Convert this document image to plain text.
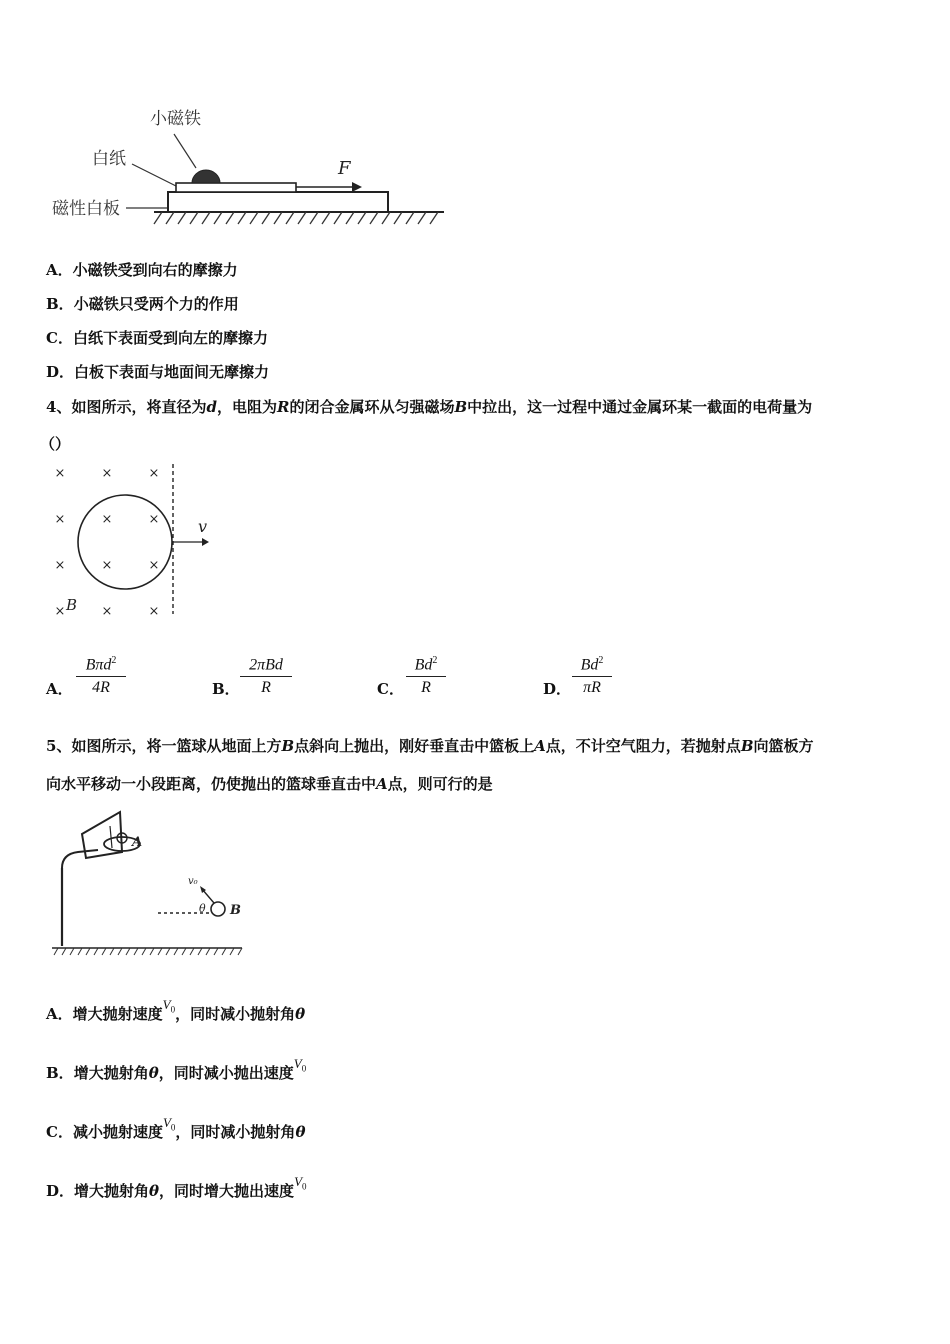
小磁铁
白纸
磁性白板
F
A．小磁铁受到向右的摩擦力
B．小磁铁只受两个力的作用
C．白纸下表面受到向左的摩擦力
D．白板下表面与地面间无摩擦力
4、如图所示，将直径为d，电阻为R的闭合金属环从匀强磁场B中拉出，这一过程中通过金属环某一截面的电荷量为
（）
×	×	×
×	×	×
×	×	×
×	×	×
B
v
A．
Bπd$^2$
4R	B．
2πBd
R	C． $\frac{Bd^2}{R}$	D． $\frac{Bd^2}{\pi R}$
5、如图所示，将一篮球从地面上方B点斜向上抛出，刚好垂直击中篮板上A点，不计空气阻力，若抛射点B向篮板方
向水平移动一小段距离，仍使抛出的篮球垂直击中A点，则可行的是
A
v₀
θ B
A．增大抛射速度$V_0$，同时减小抛射角θ
B．增大抛射角θ，同时减小抛出速度$V_0$
C．减小抛射速度$V_0$，同时减小抛射角θ
D．增大抛射角θ，同时增大抛出速度$V_0$
